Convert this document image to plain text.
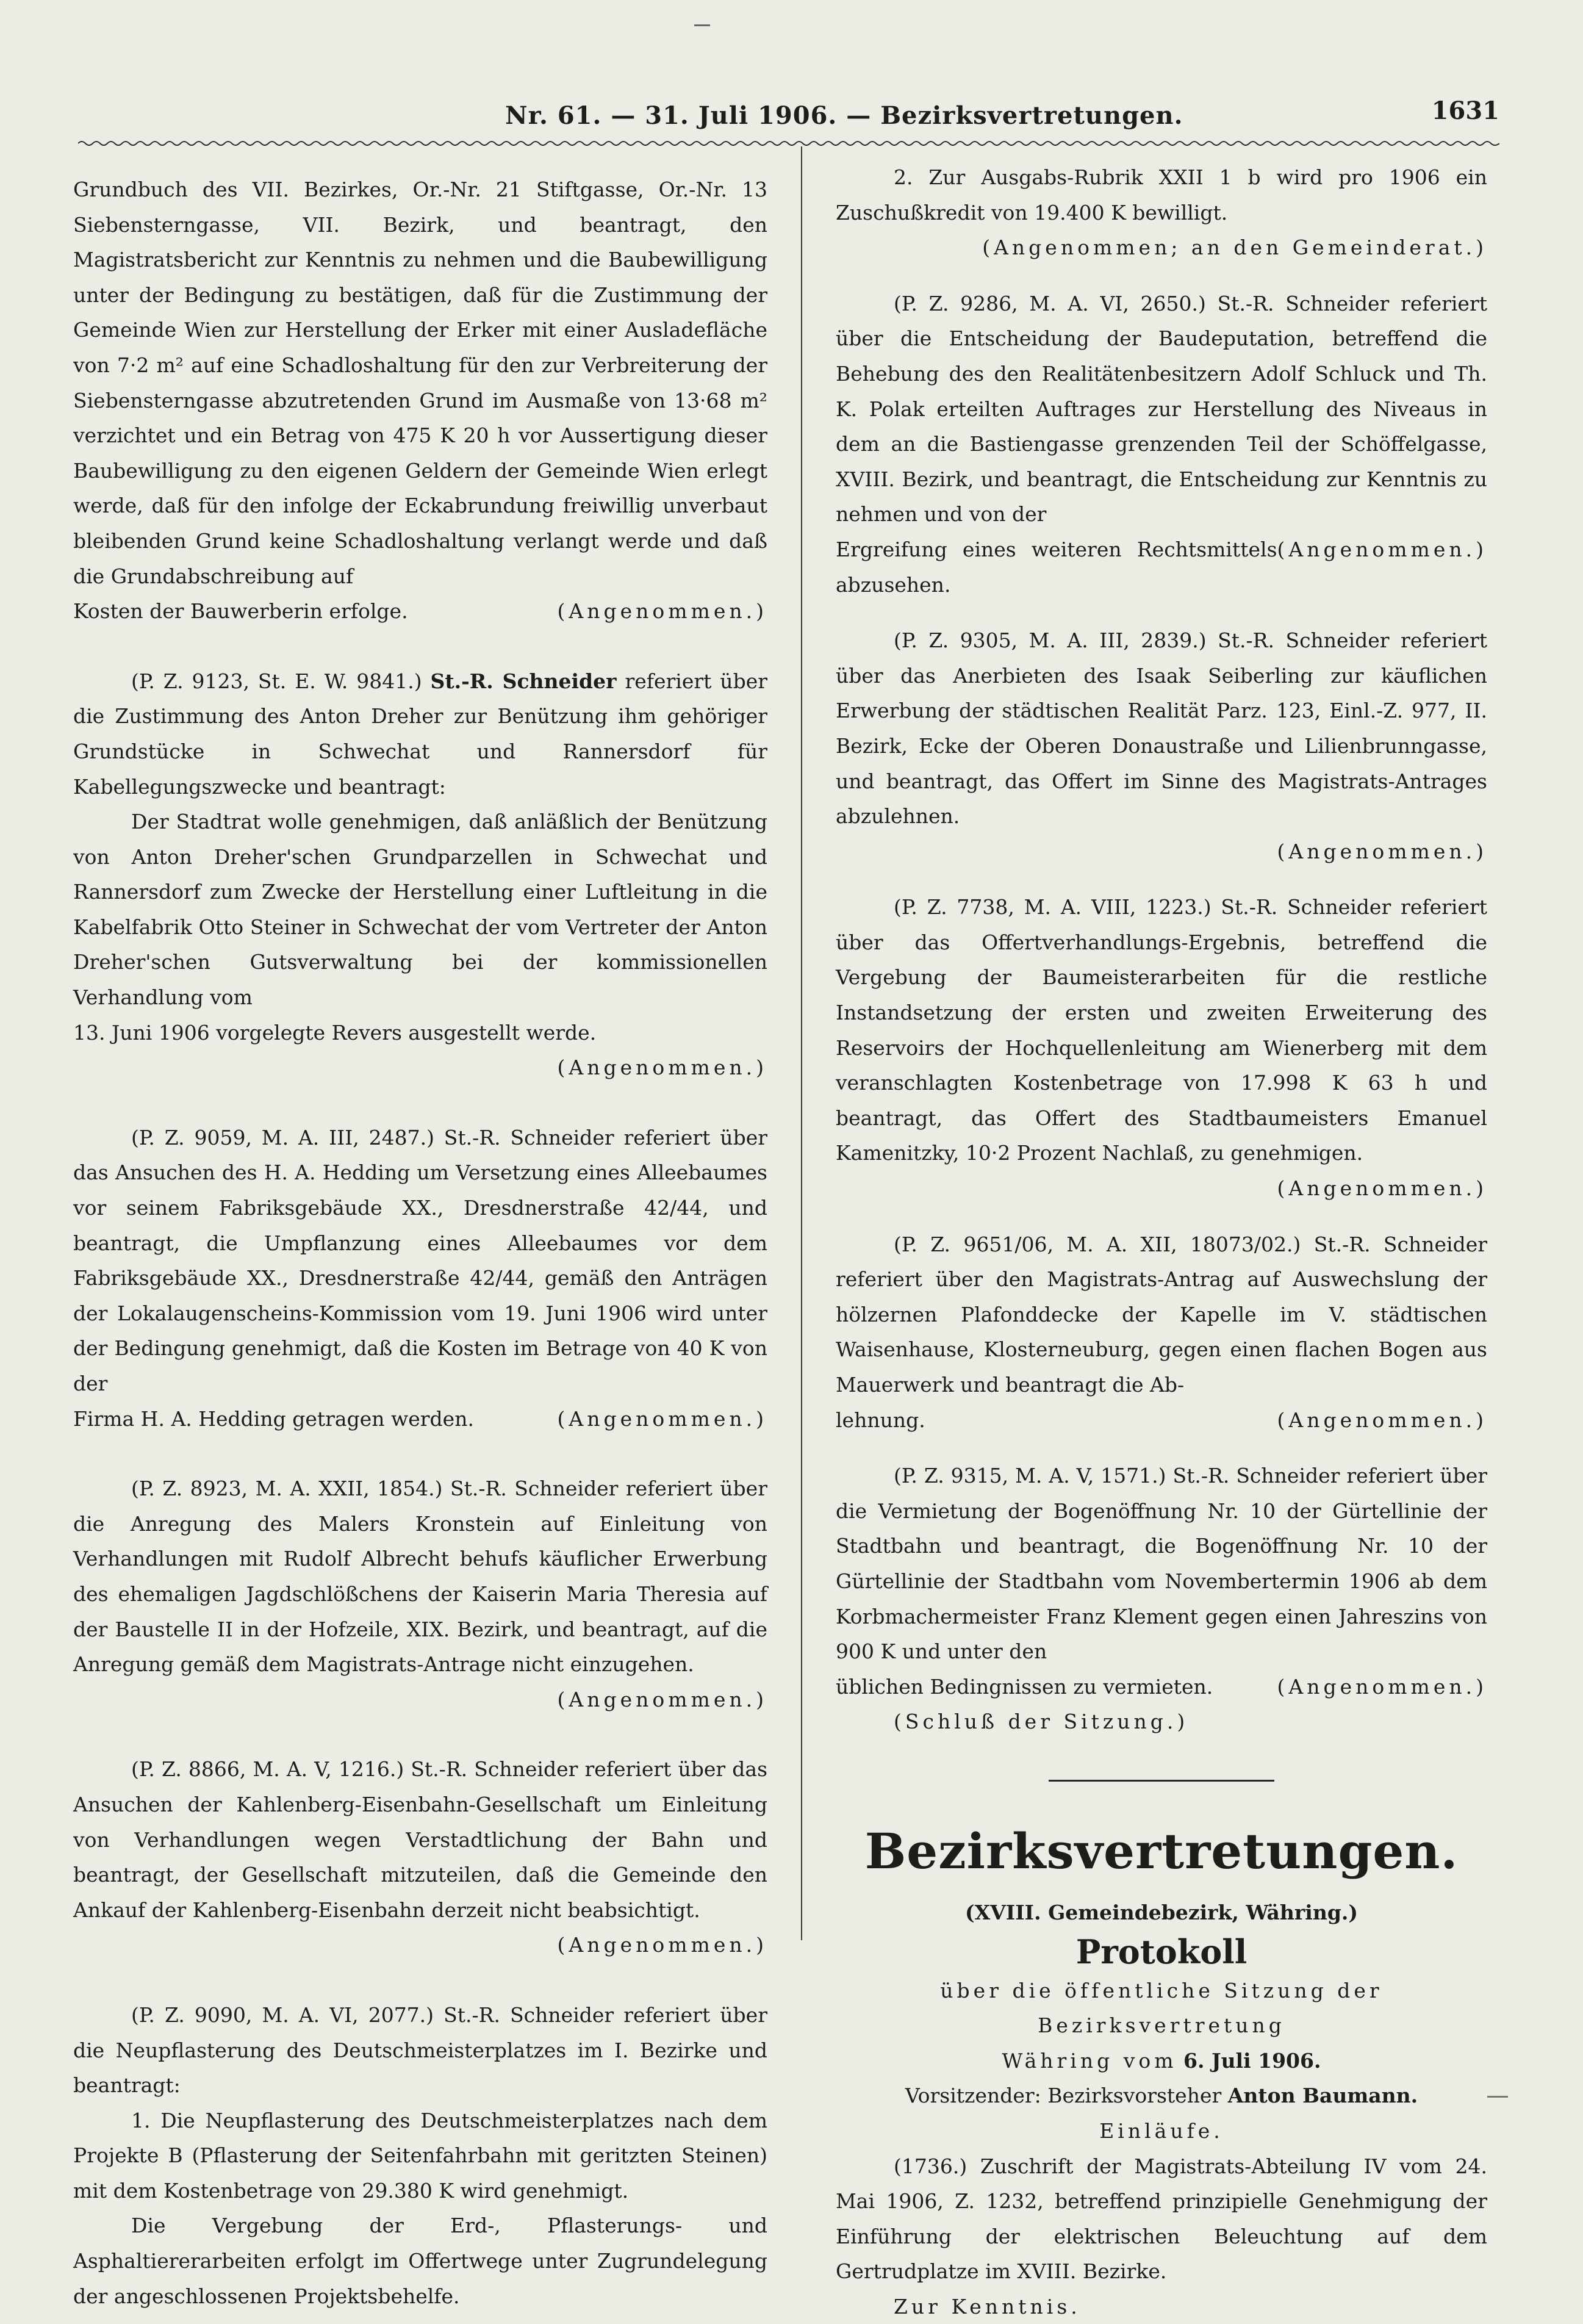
Nr. 61. — 31. Juli 1906. — Bezirksvertretungen.	1631

Grundbuch des VII. Bezirkes, Or.-Nr. 21 Stiftgasse, Or.-Nr. 13 Siebensterngasse, VII. Bezirk, und beantragt, den Magistratsbericht zur Kenntnis zu nehmen und die Baubewilligung unter der Bedingung zu bestätigen, daß für die Zustimmung der Gemeinde Wien zur Herstellung der Erker mit einer Ausladefläche von 7·2 m² auf eine Schadloshaltung für den zur Verbreiterung der Siebensterngasse abzutretenden Grund im Ausmaße von 13·68 m² verzichtet und ein Betrag von 475 K 20 h vor Aussertigung dieser Baubewilligung zu den eigenen Geldern der Gemeinde Wien erlegt werde, daß für den infolge der Eckabrundung freiwillig unverbaut bleibenden Grund keine Schadloshaltung verlangt werde und daß die Grundabschreibung auf

Kosten der Bauwerberin erfolge.	(Angenommen.)

(P. Z. 9123, St. E. W. 9841.) St.-R. Schneider referiert über die Zustimmung des Anton Dreher zur Benützung ihm gehöriger Grundstücke in Schwechat und Rannersdorf für Kabellegungszwecke und beantragt:

Der Stadtrat wolle genehmigen, daß anläßlich der Benützung von Anton Dreher'schen Grundparzellen in Schwechat und Rannersdorf zum Zwecke der Herstellung einer Luftleitung in die Kabelfabrik Otto Steiner in Schwechat der vom Vertreter der Anton Dreher'schen Gutsverwaltung bei der kommissionellen Verhandlung vom

13. Juni 1906 vorgelegte Revers ausgestellt werde.

(Angenommen.)

(P. Z. 9059, M. A. III, 2487.) St.-R. Schneider referiert über das Ansuchen des H. A. Hedding um Versetzung eines Alleebaumes vor seinem Fabriksgebäude XX., Dresdnerstraße 42/44, und beantragt, die Umpflanzung eines Alleebaumes vor dem Fabriksgebäude XX., Dresdnerstraße 42/44, gemäß den Anträgen der Lokalaugenscheins-Kommission vom 19. Juni 1906 wird unter der Bedingung genehmigt, daß die Kosten im Betrage von 40 K von der

Firma H. A. Hedding getragen werden.	(Angenommen.)

(P. Z. 8923, M. A. XXII, 1854.) St.-R. Schneider referiert über die Anregung des Malers Kronstein auf Einleitung von Verhandlungen mit Rudolf Albrecht behufs käuflicher Erwerbung des ehemaligen Jagdschlößchens der Kaiserin Maria Theresia auf der Baustelle II in der Hofzeile, XIX. Bezirk, und beantragt, auf die Anregung gemäß dem Magistrats-Antrage nicht einzugehen.

(Angenommen.)

(P. Z. 8866, M. A. V, 1216.) St.-R. Schneider referiert über das Ansuchen der Kahlenberg-Eisenbahn-Gesellschaft um Einleitung von Verhandlungen wegen Verstadtlichung der Bahn und beantragt, der Gesellschaft mitzuteilen, daß die Gemeinde den Ankauf der Kahlenberg-Eisenbahn derzeit nicht beabsichtigt.

(Angenommen.)

(P. Z. 9090, M. A. VI, 2077.) St.-R. Schneider referiert über die Neupflasterung des Deutschmeisterplatzes im I. Bezirke und beantragt:

1. Die Neupflasterung des Deutschmeisterplatzes nach dem Projekte B (Pflasterung der Seitenfahrbahn mit geritzten Steinen) mit dem Kostenbetrage von 29.380 K wird genehmigt.

Die Vergebung der Erd-, Pflasterungs- und Asphaltiererarbeiten erfolgt im Offertwege unter Zugrundelegung der angeschlossenen Projektsbehelfe.

2. Zur Ausgabs-Rubrik XXII 1 b wird pro 1906 ein Zuschußkredit von 19.400 K bewilligt.

(Angenommen; an den Gemeinderat.)

(P. Z. 9286, M. A. VI, 2650.) St.-R. Schneider referiert über die Entscheidung der Baudeputation, betreffend die Behebung des den Realitätenbesitzern Adolf Schluck und Th. K. Polak erteilten Auftrages zur Herstellung des Niveaus in dem an die Bastiengasse grenzenden Teil der Schöffelgasse, XVIII. Bezirk, und beantragt, die Entscheidung zur Kenntnis zu nehmen und von der

Ergreifung eines weiteren Rechtsmittels abzusehen.
(Angenommen.)

(P. Z. 9305, M. A. III, 2839.) St.-R. Schneider referiert über das Anerbieten des Isaak Seiberling zur käuflichen Erwerbung der städtischen Realität Parz. 123, Einl.-Z. 977, II. Bezirk, Ecke der Oberen Donaustraße und Lilienbrunngasse, und beantragt, das Offert im Sinne des Magistrats-Antrages abzulehnen.

(Angenommen.)

(P. Z. 7738, M. A. VIII, 1223.) St.-R. Schneider referiert über das Offertverhandlungs-Ergebnis, betreffend die Vergebung der Baumeisterarbeiten für die restliche Instandsetzung der ersten und zweiten Erweiterung des Reservoirs der Hochquellenleitung am Wienerberg mit dem veranschlagten Kostenbetrage von 17.998 K 63 h und beantragt, das Offert des Stadtbaumeisters Emanuel Kamenitzky, 10·2 Prozent Nachlaß, zu genehmigen.

(Angenommen.)

(P. Z. 9651/06, M. A. XII, 18073/02.) St.-R. Schneider referiert über den Magistrats-Antrag auf Auswechslung der hölzernen Plafonddecke der Kapelle im V. städtischen Waisenhause, Klosterneuburg, gegen einen flachen Bogen aus Mauerwerk und beantragt die Ab-

lehnung.	(Angenommen.)

(P. Z. 9315, M. A. V, 1571.) St.-R. Schneider referiert über die Vermietung der Bogenöffnung Nr. 10 der Gürtellinie der Stadtbahn und beantragt, die Bogenöffnung Nr. 10 der Gürtellinie der Stadtbahn vom Novembertermin 1906 ab dem Korbmachermeister Franz Klement gegen einen Jahreszins von 900 K und unter den

üblichen Bedingnissen zu vermieten.	(Angenommen.)

(Schluß der Sitzung.)

Bezirksvertretungen.

(XVIII. Gemeindebezirk, Währing.)

Protokoll

über die öffentliche Sitzung der Bezirksvertretung

Währing vom 6. Juli 1906.

Vorsitzender: Bezirksvorsteher Anton Baumann.

Einläufe.

(1736.) Zuschrift der Magistrats-Abteilung IV vom 24. Mai 1906, Z. 1232, betreffend prinzipielle Genehmigung der Einführung der elektrischen Beleuchtung auf dem Gertrudplatze im XVIII. Bezirke.

Zur Kenntnis.
